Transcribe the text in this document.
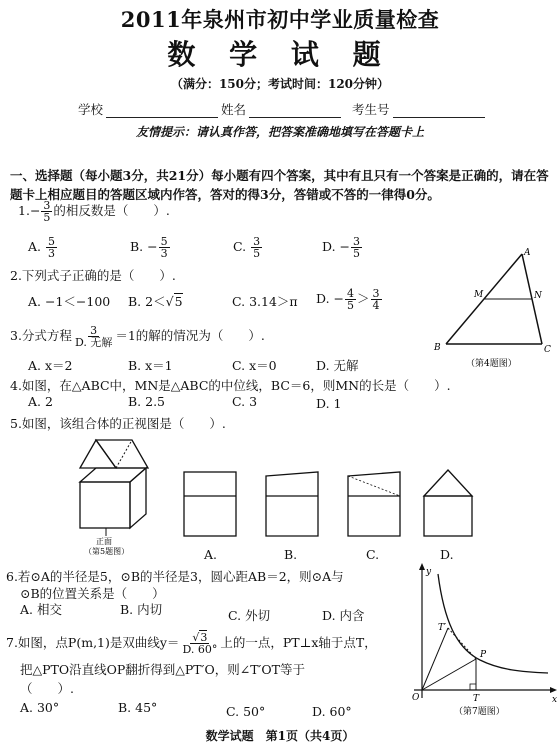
2011年泉州市初中学业质量检查
数 学 试 题
（满分：150分；考试时间：120分钟）
学校	姓名	考生号
友情提示：请认真作答，把答案准确地填写在答题卡上
一、选择题（每小题3分，共21分）每小题有四个答案，其中有且只有一个答案是正确的，请在答题卡上相应题目的答题区域内作答，答对的得3分，答错或不答的一律得0分。
$1.- \frac{3}{5}$ 的相反数是（　　）.
A. $\frac{5}{3}$	B. − $\frac{5}{3}$	C. $\frac{3}{5}$	D. − $\frac{3}{5}$
2.下列式子正确的是（　　）.
A. −1＜−100 B. 2＜√5	C. 3.14＞π D. − $\frac{4}{5} > \frac{3}{4}$
A
B	C
M	N
（第4题图）
3.分式方程 $\frac{3}{\text{D. 无解}} =1$的解的情况为（　　）.
A. x＝2	B. x＝1	C. x＝0	D. 无解
4.如图，在△ABC中，MN是△ABC的中位线，BC＝6，则MN的长是（　　）.
A. 2	B. 2.5	C. 3	D. 1
5.如图，该组合体的正视图是（　　）.
正面
（第5题图）	A.	B.	C.	D.
6.若⊙A的半径是5，⊙B的半径是3，圆心距AB＝2，则⊙A与
⊙B的位置关系是（　　）
A. 相交	B. 内切	C. 外切	D. 内含
7.如图，点P(m,1)是双曲线$y= \frac{√3}{D. 60^\circ}$ 上的一点，PT⊥x轴于点T，
把△PTO沿直线OP翻折得到△PT′O，则∠T′OT等于
（　　）.
A. 30°	B. 45°	C. 50°	D. 60°
y
x
O	T
T′
P
（第7题图）
数学试题　第1页（共4页）
